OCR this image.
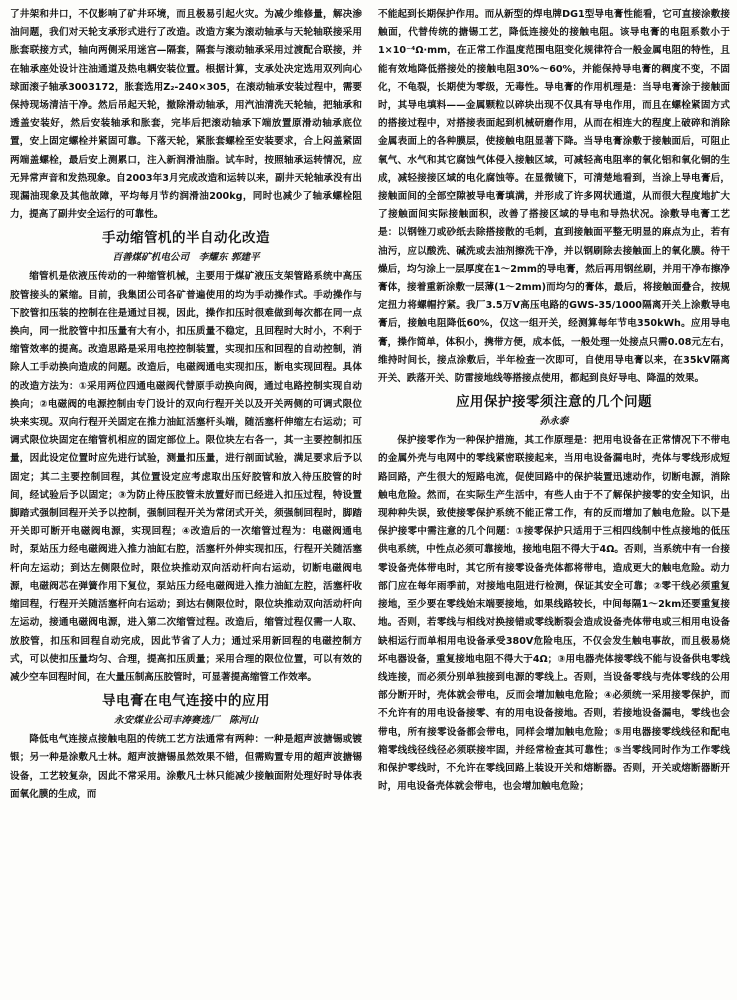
了井架和井口，不仅影响了矿井环境，而且极易引起火灾。为减少维修量，解决渗油问题，我们对天轮支承形式进行了改造。改造方案为滚动轴承与天轮轴联接采用胀套联接方式，轴向两侧采用迷宫—隔套，隔套与滚动轴承采用过渡配合联接，并在轴承座处设计注油通道及热电耦安装位置。根据计算，支承处决定选用双列向心球面滚子轴承3003172，胀套选用Z₂-240×305，在滚动轴承安装过程中，需要保持现场清洁干净。然后吊起天轮，撤除滑动轴承，用汽油清洗天轮轴，把轴承和透盖安装好，然后安装轴承和胀套，完毕后把滚动轴承下端放置原滑动轴承底位置，安上固定螺栓并紧固可靠。下落天轮，紧胀套螺栓至安装要求，合上闷盖紧固两端盖螺栓，最后安上测累口，注入新润滑油脂。试车时，按照轴承运转情况，应无异常声音和发热现象。自2003年3月完成改造和运转以来，副井天轮轴承没有出现漏油现象及其他故障，平均每月节约润滑油200kg，同时也减少了轴承螺栓阻力，提高了副井安全运行的可靠性。

手动缩管机的半自动化改造
百善煤矿机电公司　李耀东 郭建平

缩管机是依液压传动的一种缩管机械，主要用于煤矿液压支架管路系统中高压胶管接头的紧缩。目前，我集团公司各矿普遍使用的均为手动操作式。手动操作与下胶管扣压装的控制在往是通过目视，因此，操作扣压时很难做到每次都在同一点换向，同一批胶管中扣压量有大有小，扣压质量不稳定，且回程时大时小，不利于缩管效率的提高。改造思路是采用电控控制装置，实现扣压和回程的自动控制，消除人工手动换向造成的问题。改造后，电磁阀通电实现扣压，断电实现回程。具体的改造方法为：①采用两位四通电磁阀代替原手动换向阀，通过电路控制实现自动换向；②电磁阀的电源控制由专门设计的双向行程开关以及开关两侧的可调式限位块来实现。双向行程开关固定在推力油缸活塞杆头端，随活塞杆伸缩左右运动；可调式限位块固定在缩管机相应的固定部位上。限位块左右各一，其一主要控制扣压量，因此设定位置时应先进行试验，测量扣压量，进行剖面试验，满足要求后予以固定；其二主要控制回程，其位置设定应考虑取出压好胶管和放入待压胶管的时间，经试验后予以固定；③为防止待压胶管未放置好而已经进入扣压过程，特设置脚踏式强制回程开关予以控制，强制回程开关为常闭式开关，须强制回程时，脚踏开关即可断开电磁阀电源，实现回程；④改造后的一次缩管过程为：电磁阀通电时，泵站压力经电磁阀进入推力油缸右腔，活塞杆外伸实现扣压，行程开关随活塞杆向左运动；到达左侧限位时，限位块推动双向活动杆向右运动，切断电磁阀电源，电磁阀芯在弹簧作用下复位，泵站压力经电磁阀进入推力油缸左腔，活塞杆收缩回程，行程开关随活塞杆向右运动；到达右侧限位时，限位块推动双向活动杆向左运动，接通电磁阀电源，进入第二次缩管过程。改造后，缩管过程仅需一人取、放胶管，扣压和回程自动完成，因此节省了人力；通过采用新回程的电磁控制方式，可以使扣压量均匀、合理，提高扣压质量；采用合理的限位位置，可以有效的减少空车回程时间，在大量压制高压胶管时，可显著提高缩管工作效率。

导电膏在电气连接中的应用
永安煤业公司丰涛赛选厂　陈河山

降低电气连接点接触电阻的传统工艺方法通常有两种：一种是超声波搪锡或镀银；另一种是涂敷凡士林。超声波搪锡虽然效果不错，但需购置专用的超声波搪锡设备，工艺较复杂，因此不常采用。涂敷凡士林只能减少接触面附处理好时导体表面氧化膜的生成，而

不能起到长期保护作用。而从新型的焊电牌DG1型导电膏性能看，它可直接涂敷接触面，代替传统的搪锡工艺，降低连接处的接触电阻。该导电膏的电阻系数小于1×10⁻⁴Ω·mm，在正常工作温度范围电阻变化规律符合一般金属电阻的特性，且能有效地降低搭接处的接触电阻30%～60%，并能保持导电膏的稠度不变，不固化，不龟裂，长期使为零级，无毒性。导电膏的作用机理是：当导电膏涂于接触面时，其导电填料——金属颗粒以碎块出现不仅具有导电作用，而且在螺栓紧固方式的搭接过程中，对搭接表面起到机械研磨作用，从而在相连大的程度上破碎和消除金属表面上的各种膜层，使接触电阻显著下降。当导电膏涂敷于接触面后，可阻止氧气、水气和其它腐蚀气体侵入接触区域，可减轻高电阻率的氧化铝和氧化铜的生成，减轻接接区域的电化腐蚀等。在显微镜下，可清楚地看到，当涂上导电膏后，接触面间的全部空隙被导电膏填满，并形成了许多网状通道，从而很大程度地扩大了接触面间实际接触面积，改善了搭接区域的导电和导热状况。涂敷导电膏工艺是：以钢锉刀或砂纸去除搭接散的毛刺，直到接触面平整无明显的麻点为止，若有油污，应以酸洗、碱洗或去油剂擦洗干净，并以钢刷除去接触面上的氧化膜。待干燥后，均匀涂上一层厚度在1～2mm的导电膏，然后再用钢丝刷，并用干净布擦净膏体，接着重新涂敷一层薄(1～2mm)而均匀的膏体，最后，将接触面叠合，按规定扭力将螺帽拧紧。我厂3.5万V高压电路的GWS-35/1000隔离开关上涂敷导电膏后，接触电阻降低60%，仅这一组开关，经测算每年节电350kWh。应用导电膏，操作简单，体积小，携带方便，成本低，一般处理一处接点只需0.08元左右，维持时间长，接点涂敷后，半年检查一次即可，自使用导电膏以来，在35kV隔离开关、跌落开关、防雷接地线等搭接点使用，都起到良好导电、降温的效果。

应用保护接零须注意的几个问题
孙永泰

保护接零作为一种保护措施，其工作原理是：把用电设备在正常情况下不带电的金属外壳与电网中的零线紧密联接起来，当用电设备漏电时，壳体与零线形成短路回路，产生很大的短路电流，促使回路中的保护装置迅速动作，切断电源，消除触电危险。然而，在实际生产生活中，有些人由于不了解保护接零的安全知识，出现种种失误，致使接零保护系统不能正常工作，有的反而增加了触电危险。以下是保护接零中需注意的几个问题：①接零保护只适用于三相四线制中性点接地的低压供电系统，中性点必须可靠接地，接地电阻不得大于4Ω。否则，当系统中有一台接零设备壳体带电时，其它所有接零设备壳体都将带电，造成更大的触电危险。动力部门应在每年雨季前，对接地电阻进行检测，保证其安全可靠；②零干线必须重复接地，至少要在零线始末端要接地，如果线路较长，中间每隔1～2km还要重复接地。否则，若零线与相线对换接错或零线断裂会造成设备壳体带电或三相用电设备缺相运行而单相用电设备承受380V危险电压，不仅会发生触电事故，而且极易烧坏电器设备，重复接地电阻不得大于4Ω；③用电器壳体接零线不能与设备供电零线线连接，而必须分别单独接到电源的零线上。否则，当设备零线与壳体零线的公用部分断开时，壳体就会带电，反而会增加触电危险；④必须统一采用接零保护，而不允许有的用电设备接零、有的用电设备接地。否则，若接地设备漏电，零线也会带电，所有接零设备都会带电，同样会增加触电危险；⑤用电器接零线线径和配电箱零线线径线径必须联接牢固，并经常检查其可靠性；⑤当零线同时作为工作零线和保护零线时，不允许在零线回路上装设开关和熔断器。否则，开关或熔断器断开时，用电设备壳体就会带电，也会增加触电危险；
